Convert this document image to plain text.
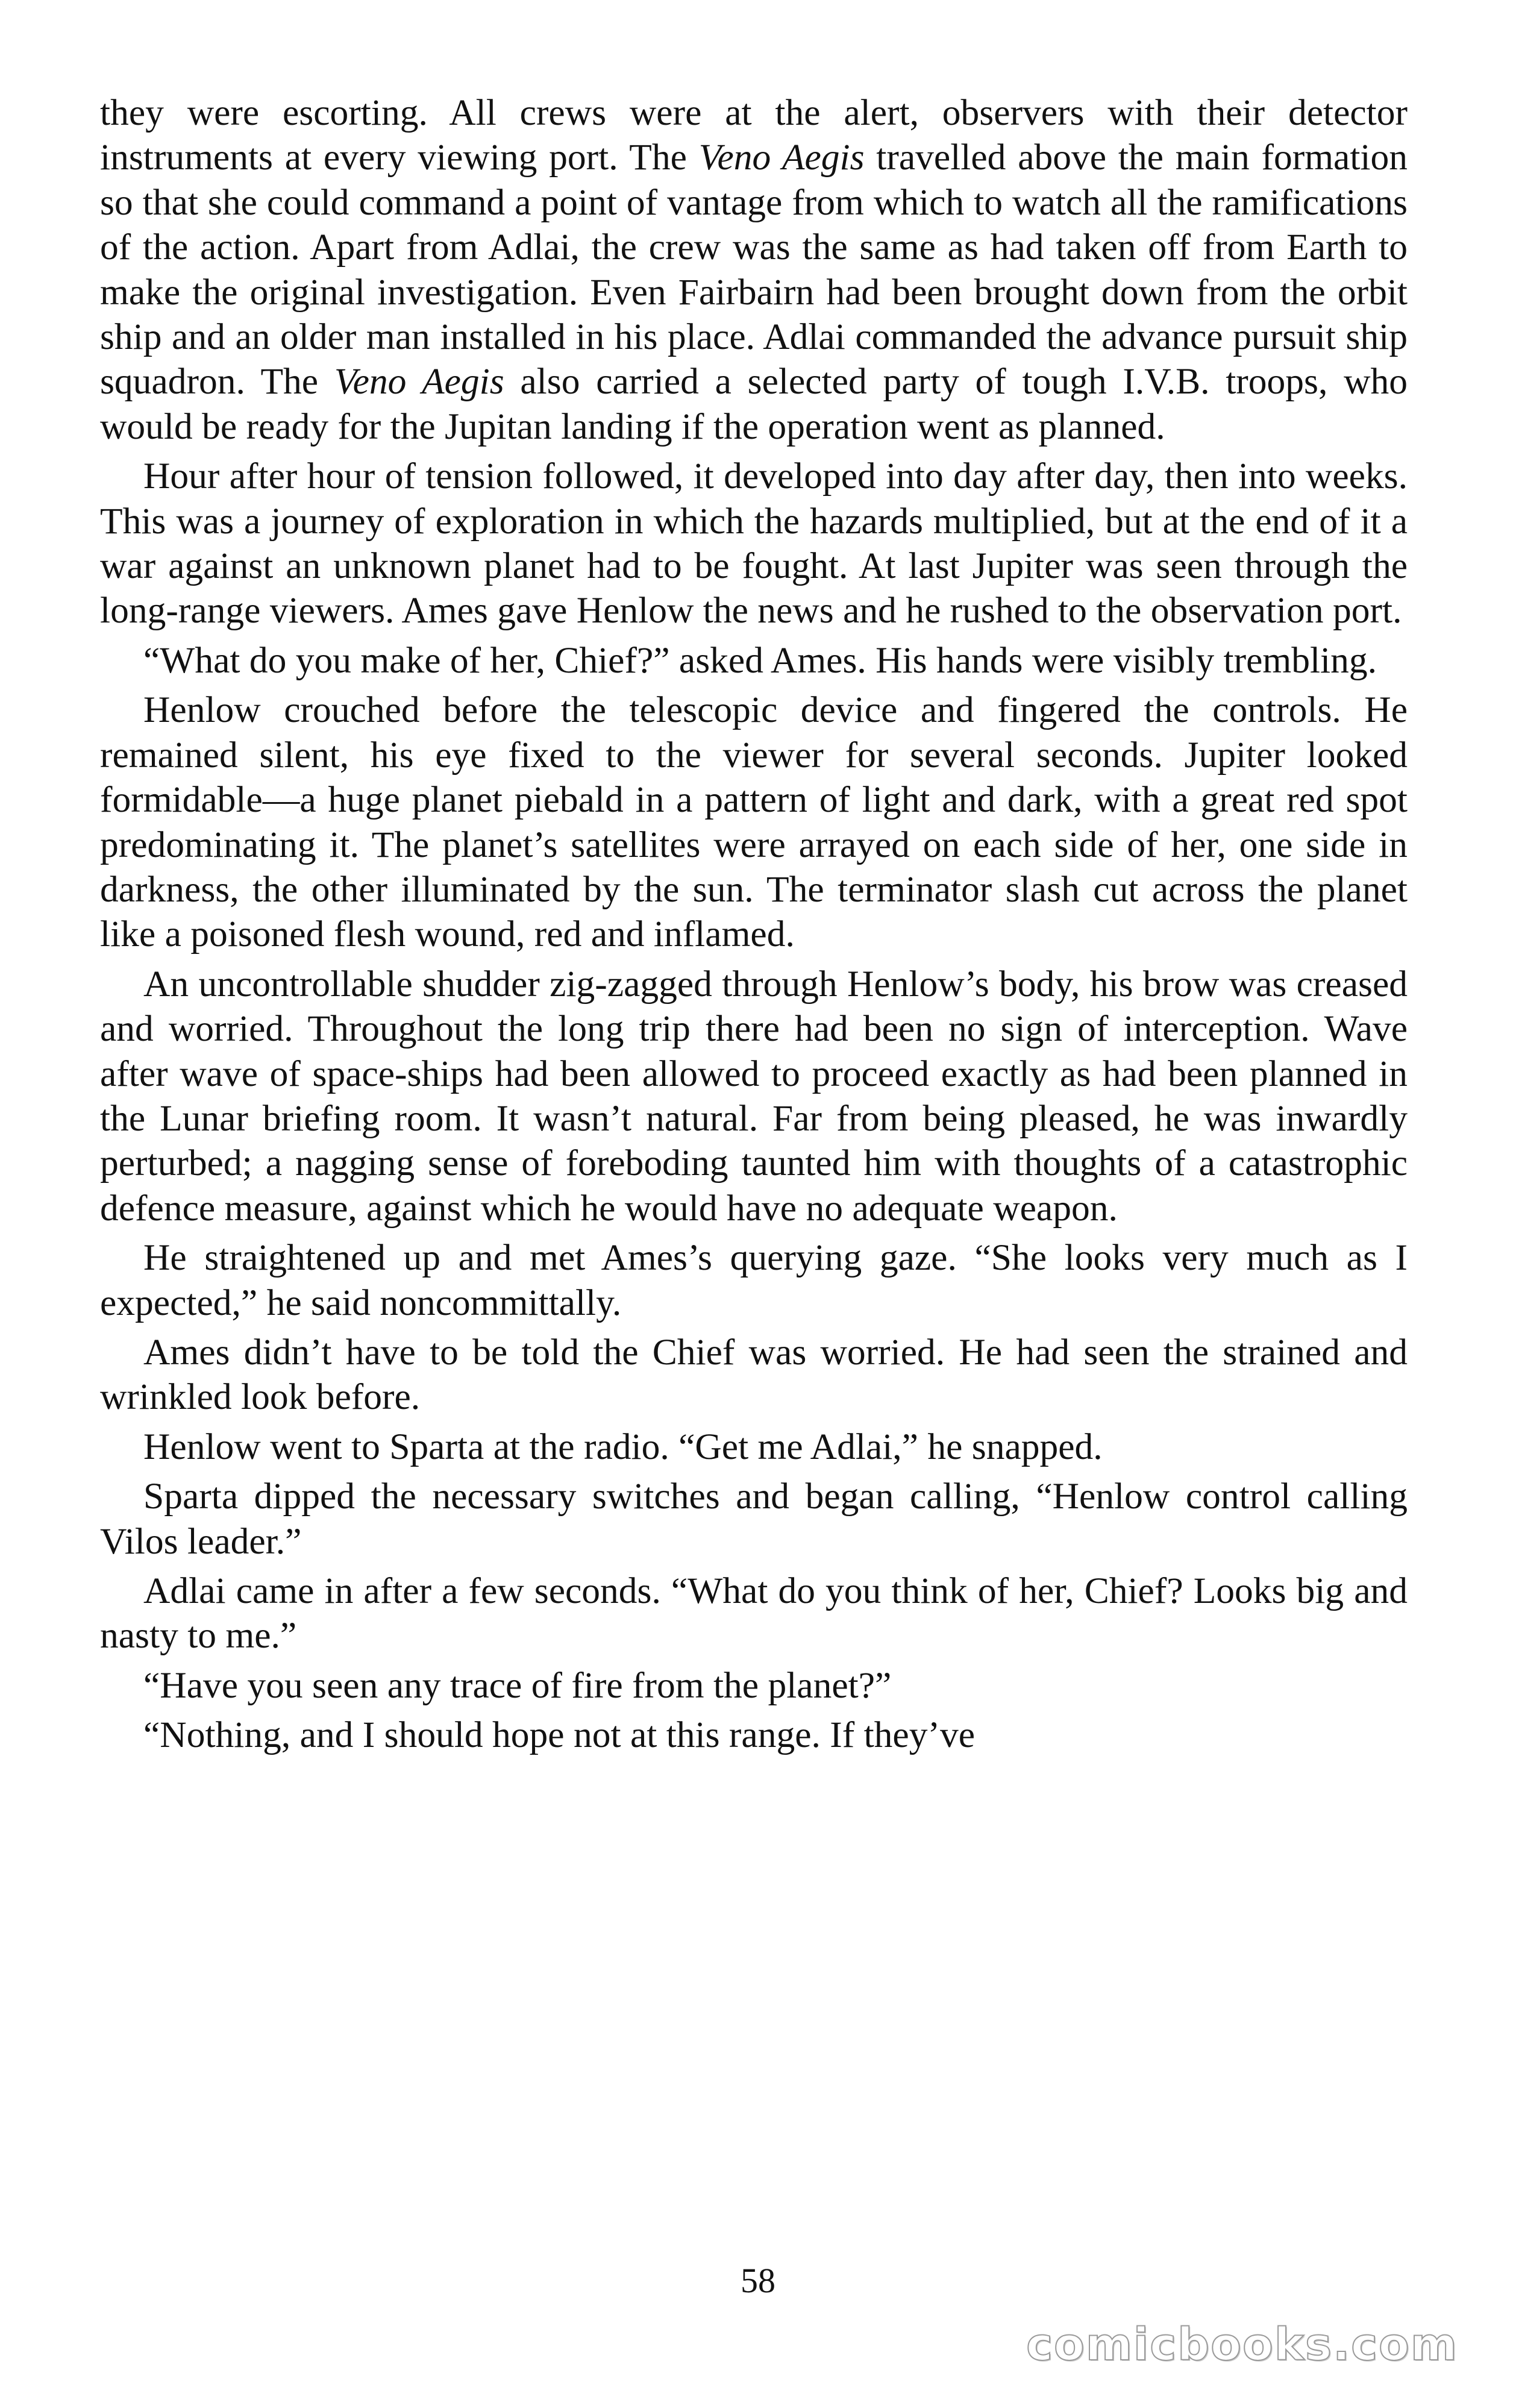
they were escorting. All crews were at the alert, observers with their detector instruments at every viewing port. The Veno Aegis travelled above the main formation so that she could command a point of vantage from which to watch all the ramifications of the action. Apart from Adlai, the crew was the same as had taken off from Earth to make the original investigation. Even Fairbairn had been brought down from the orbit ship and an older man installed in his place. Adlai commanded the advance pursuit ship squadron. The Veno Aegis also carried a selected party of tough I.V.B. troops, who would be ready for the Jupitan landing if the operation went as planned.

Hour after hour of tension followed, it developed into day after day, then into weeks. This was a journey of exploration in which the hazards multiplied, but at the end of it a war against an unknown planet had to be fought. At last Jupiter was seen through the long-range viewers. Ames gave Henlow the news and he rushed to the observation port.

“What do you make of her, Chief?” asked Ames. His hands were visibly trembling.

Henlow crouched before the telescopic device and fingered the controls. He remained silent, his eye fixed to the viewer for several seconds. Jupiter looked formidable—a huge planet piebald in a pattern of light and dark, with a great red spot predominating it. The planet’s satellites were arrayed on each side of her, one side in darkness, the other illuminated by the sun. The terminator slash cut across the planet like a poisoned flesh wound, red and inflamed.

An uncontrollable shudder zig-zagged through Henlow’s body, his brow was creased and worried. Throughout the long trip there had been no sign of interception. Wave after wave of space-ships had been allowed to proceed exactly as had been planned in the Lunar briefing room. It wasn’t natural. Far from being pleased, he was inwardly perturbed; a nagging sense of foreboding taunted him with thoughts of a catastrophic defence measure, against which he would have no adequate weapon.

He straightened up and met Ames’s querying gaze. “She looks very much as I expected,” he said noncommittally.

Ames didn’t have to be told the Chief was worried. He had seen the strained and wrinkled look before.

Henlow went to Sparta at the radio. “Get me Adlai,” he snapped.

Sparta dipped the necessary switches and began calling, “Henlow control calling Vilos leader.”

Adlai came in after a few seconds. “What do you think of her, Chief? Looks big and nasty to me.”

“Have you seen any trace of fire from the planet?”

“Nothing, and I should hope not at this range. If they’ve

58
comicbooks.com
